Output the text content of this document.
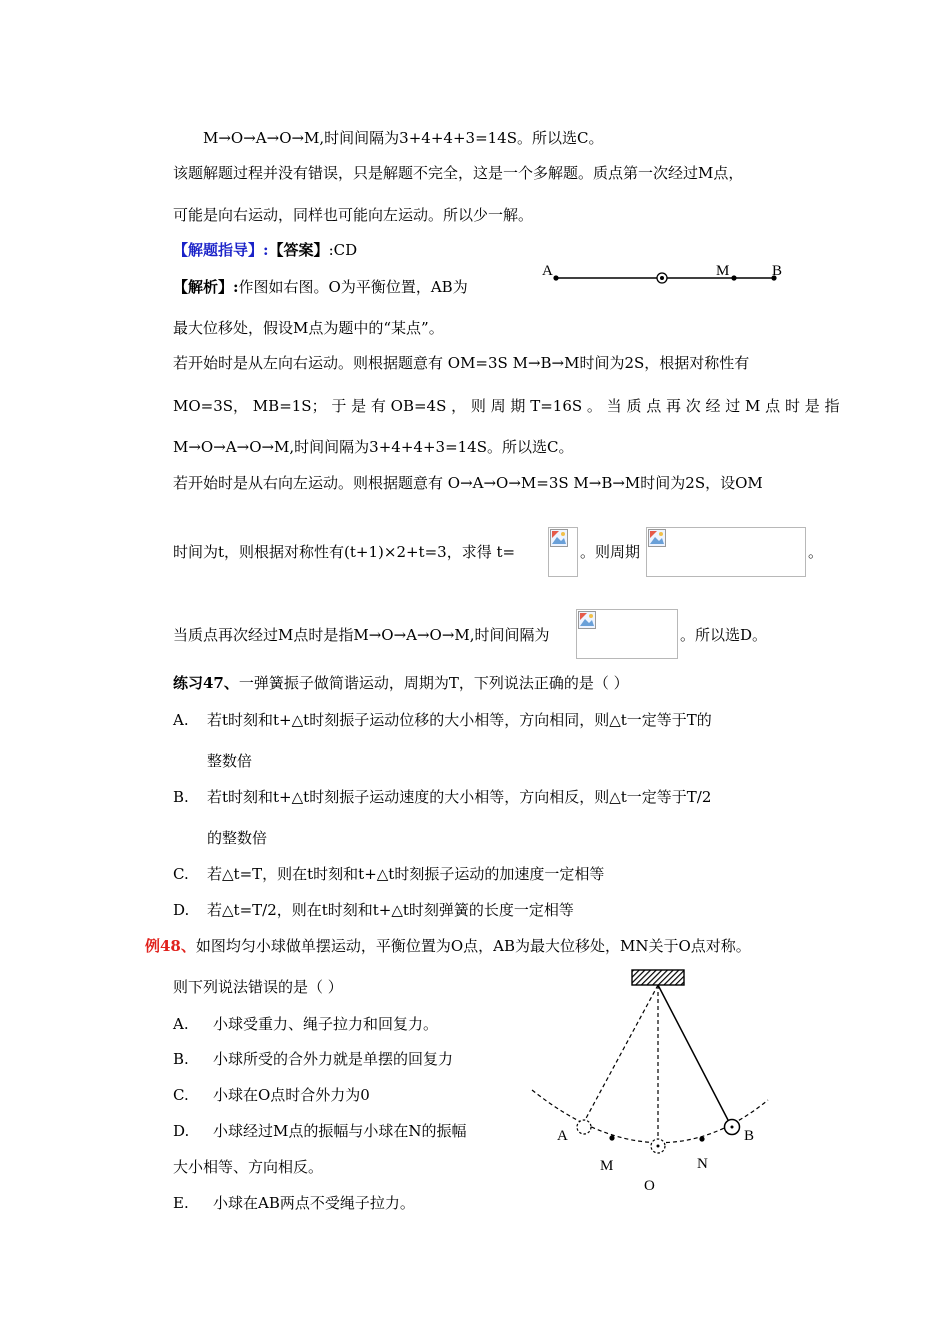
M→O→A→O→M,时间间隔为3+4+4+3=14S。所以选C。
该题解题过程并没有错误，只是解题不完全，这是一个多解题。质点第一次经过M点，
可能是向右运动，同样也可能向左运动。所以少一解。
【解题指导】:【答案】:CD
【解析】:作图如右图。O为平衡位置，AB为
最大位移处，假设M点为题中的“某点”。
A	M	B
若开始时是从左向右运动。则根据题意有 OM=3S M→B→M时间为2S，根据对称性有
MO=3S， MB=1S； 于 是 有 OB=4S ， 则 周 期 T=16S 。 当 质 点 再 次 经 过 M 点 时 是 指
M→O→A→O→M,时间间隔为3+4+4+3=14S。所以选C。
若开始时是从右向左运动。则根据题意有 O→A→O→M=3S M→B→M时间为2S，设OM
时间为t，则根据对称性有(t+1)×2+t=3，求得 t=	。则周期	。
当质点再次经过M点时是指M→O→A→O→M,时间间隔为	。所以选D。
练习47、一弹簧振子做简谐运动，周期为T，下列说法正确的是（ ）
A. 若t时刻和t+△t时刻振子运动位移的大小相等，方向相同，则△t一定等于T的
整数倍
B. 若t时刻和t+△t时刻振子运动速度的大小相等，方向相反，则△t一定等于T/2
的整数倍
C. 若△t=T，则在t时刻和t+△t时刻振子运动的加速度一定相等
D. 若△t=T/2，则在t时刻和t+△t时刻弹簧的长度一定相等
例48、如图均匀小球做单摆运动，平衡位置为O点，AB为最大位移处，MN关于O点对称。
则下列说法错误的是（ ）
A. 小球受重力、绳子拉力和回复力。
B. 小球所受的合外力就是单摆的回复力
C. 小球在O点时合外力为0
D. 小球经过M点的振幅与小球在N的振幅
大小相等、方向相反。
E. 小球在AB两点不受绳子拉力。
A	B
M
O
N
